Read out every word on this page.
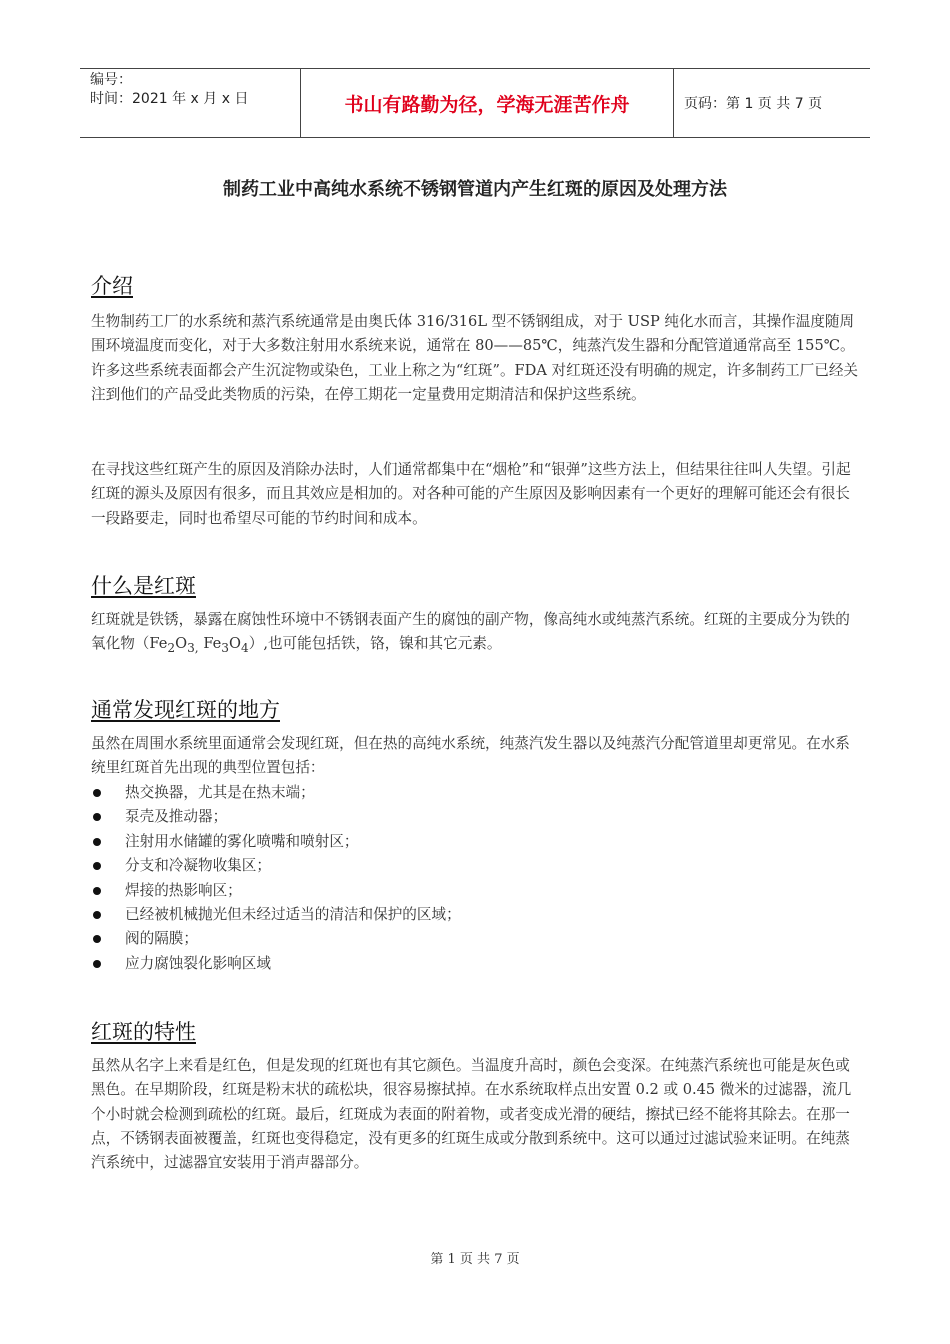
编号：
时间：2021 年 x 月 x 日	书山有路勤为径，学海无涯苦作舟	页码：第 1 页 共 7 页
制药工业中高纯水系统不锈钢管道内产生红斑的原因及处理方法
介绍

生物制药工厂的水系统和蒸汽系统通常是由奥氏体 316/316L 型不锈钢组成，对于 USP 纯化水而言，其操作温度随周围环境温度而变化，对于大多数注射用水系统来说，通常在 80——85℃，纯蒸汽发生器和分配管道通常高至 155℃。许多这些系统表面都会产生沉淀物或染色，工业上称之为“红斑”。FDA 对红斑还没有明确的规定，许多制药工厂已经关注到他们的产品受此类物质的污染，在停工期花一定量费用定期清洁和保护这些系统。

在寻找这些红斑产生的原因及消除办法时，人们通常都集中在“烟枪”和“银弹”这些方法上，但结果往往叫人失望。引起红斑的源头及原因有很多，而且其效应是相加的。对各种可能的产生原因及影响因素有一个更好的理解可能还会有很长一段路要走，同时也希望尽可能的节约时间和成本。

什么是红斑

红斑就是铁锈，暴露在腐蚀性环境中不锈钢表面产生的腐蚀的副产物，像高纯水或纯蒸汽系统。红斑的主要成分为铁的氧化物（$Fe_2O_{3,}$ $Fe_3O_4$）,也可能包括铁，铬，镍和其它元素。

通常发现红斑的地方

虽然在周围水系统里面通常会发现红斑，但在热的高纯水系统，纯蒸汽发生器以及纯蒸汽分配管道里却更常见。在水系统里红斑首先出现的典型位置包括：

热交换器，尤其是在热末端；
泵壳及推动器；
注射用水储罐的雾化喷嘴和喷射区；
分支和冷凝物收集区；
焊接的热影响区；
已经被机械抛光但未经过适当的清洁和保护的区域；
阀的隔膜；
应力腐蚀裂化影响区域
红斑的特性

虽然从名字上来看是红色，但是发现的红斑也有其它颜色。当温度升高时，颜色会变深。在纯蒸汽系统也可能是灰色或黑色。在早期阶段，红斑是粉末状的疏松块，很容易擦拭掉。在水系统取样点出安置 0.2 或 0.45 微米的过滤器，流几个小时就会检测到疏松的红斑。最后，红斑成为表面的附着物，或者变成光滑的硬结，擦拭已经不能将其除去。在那一点，不锈钢表面被覆盖，红斑也变得稳定，没有更多的红斑生成或分散到系统中。这可以通过过滤试验来证明。在纯蒸汽系统中，过滤器宜安装用于消声器部分。

第 1 页 共 7 页
